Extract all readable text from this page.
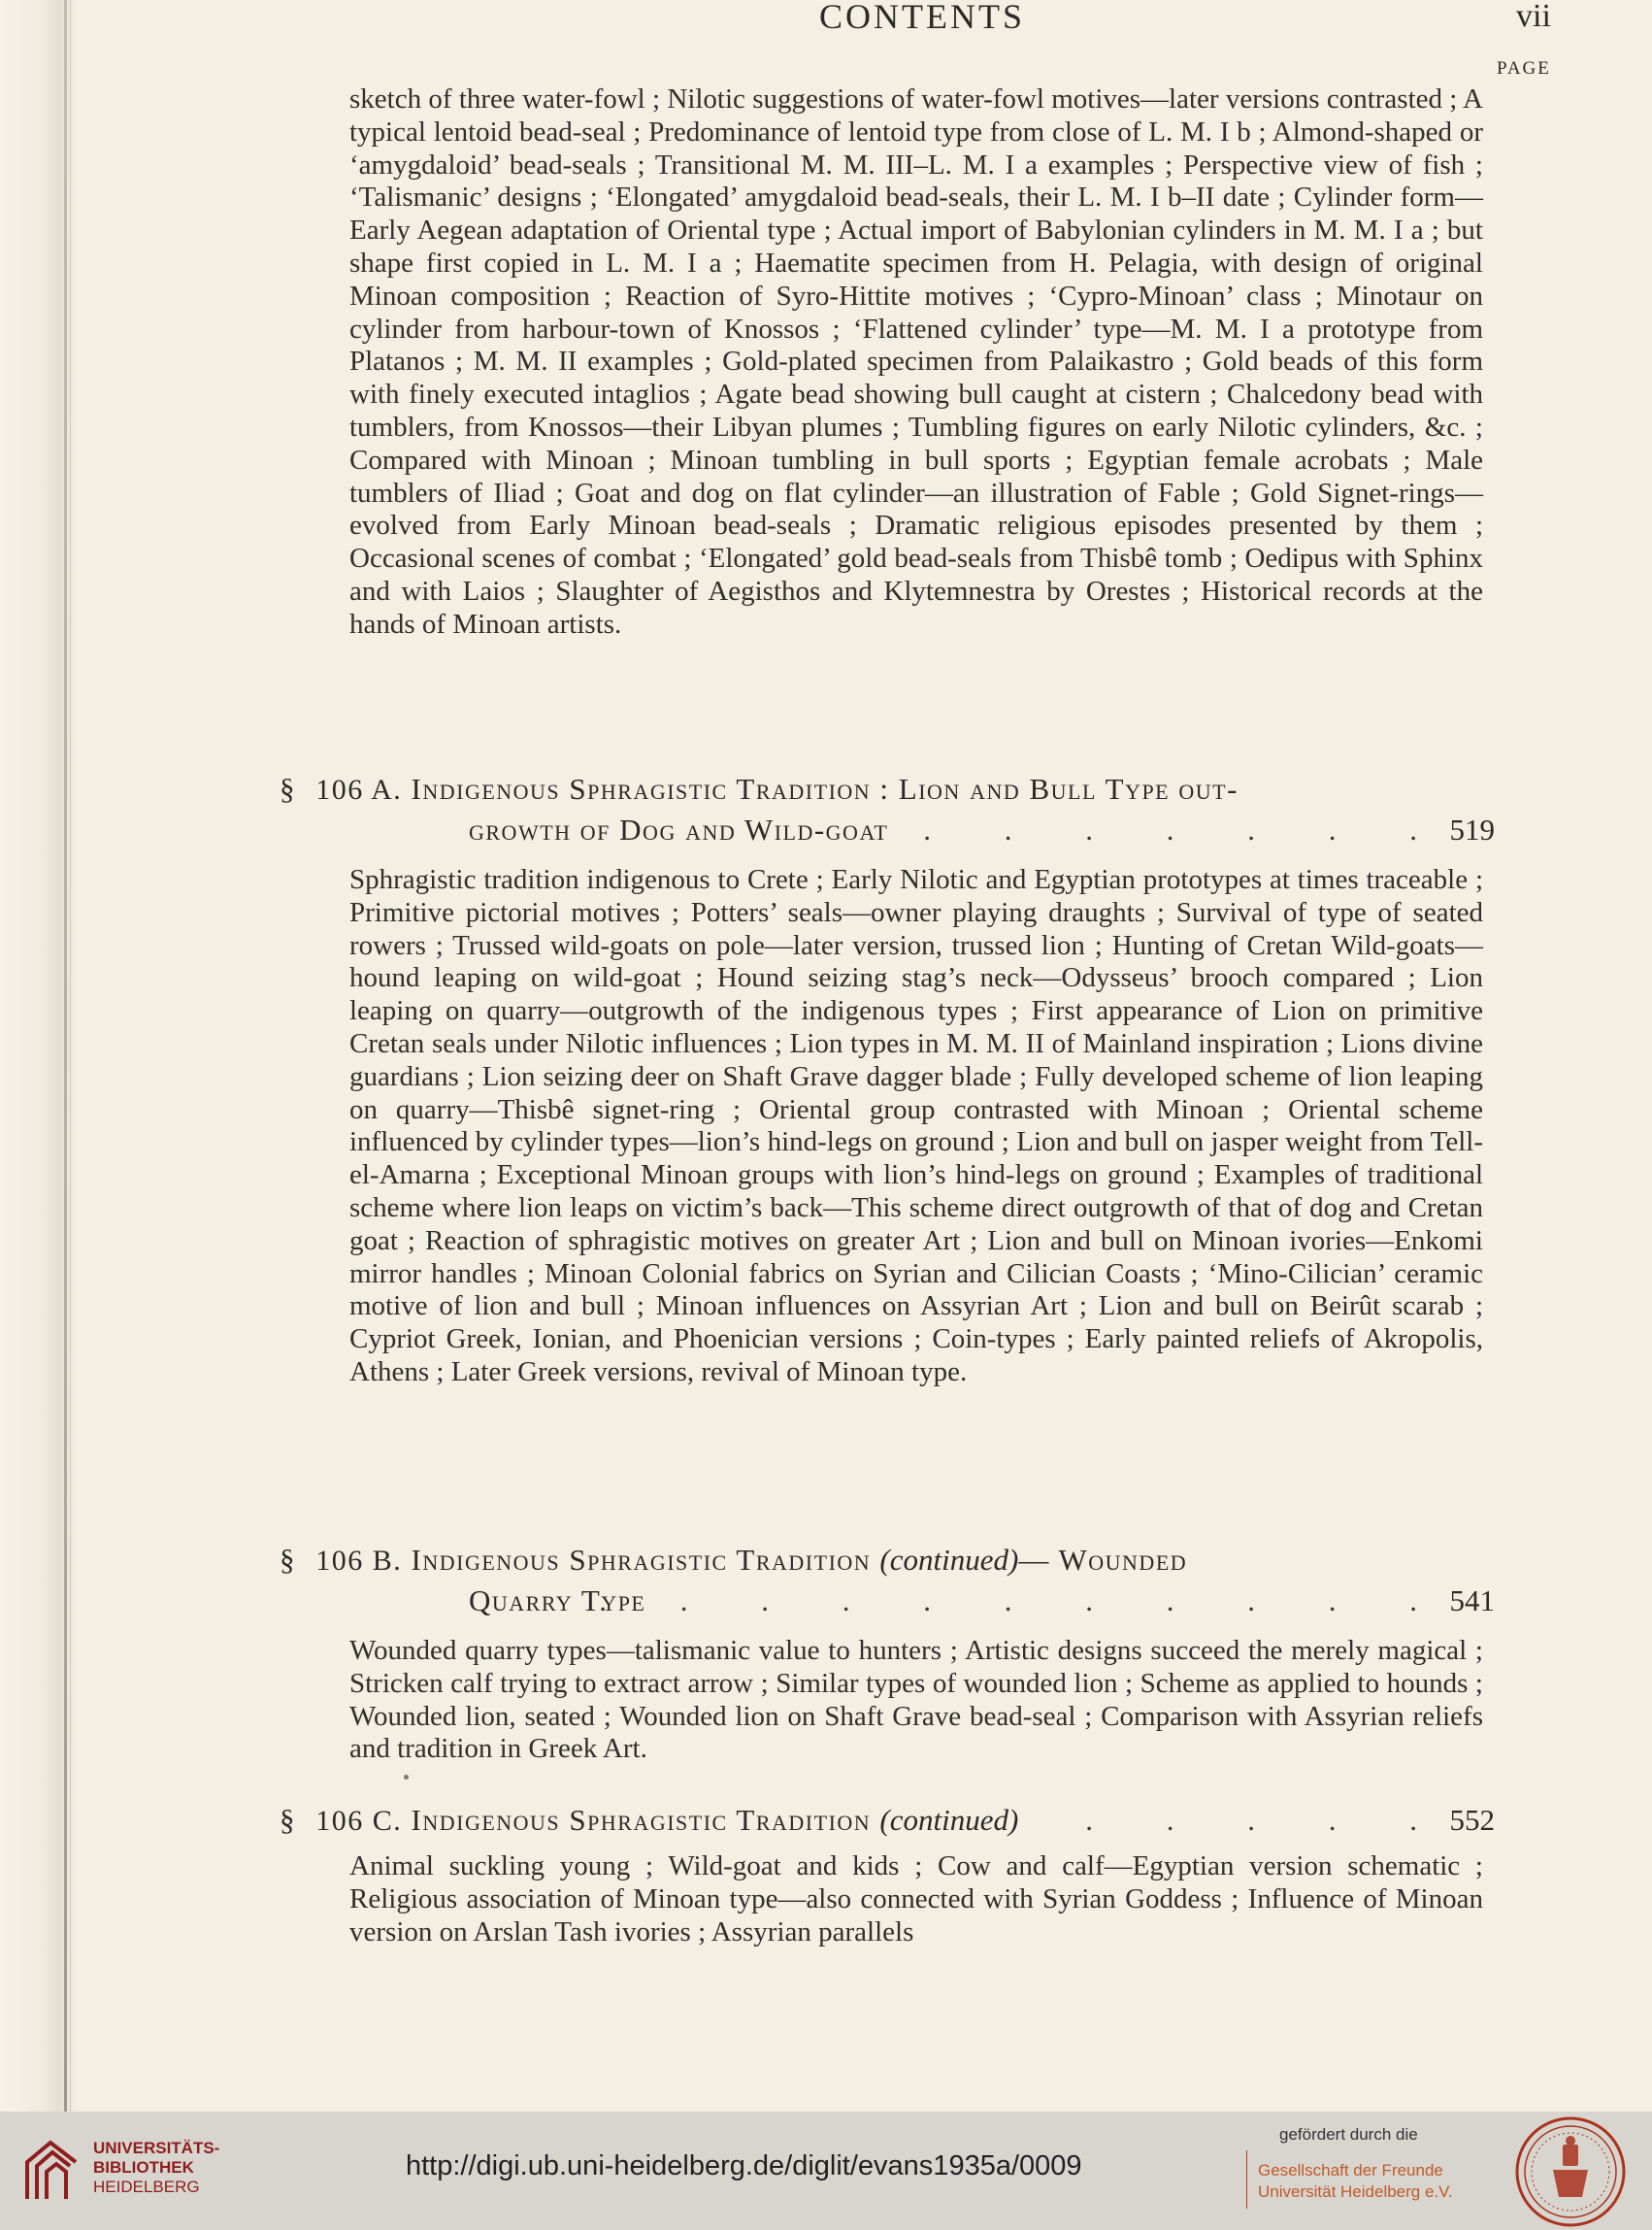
CONTENTS	vii
PAGE

sketch of three water-fowl ; Nilotic suggestions of water-fowl motives—later versions contrasted ; A typical lentoid bead-seal ; Predominance of lentoid type from close of L. M. I b ; Almond-shaped or ‘amygdaloid’ bead-seals ; Transitional M. M. III–L. M. I a examples ; Perspective view of fish ; ‘Talismanic’ designs ; ‘Elongated’ amygdaloid bead-seals, their L. M. I b–II date ; Cylinder form—Early Aegean adaptation of Oriental type ; Actual import of Babylonian cylinders in M. M. I a ; but shape first copied in L. M. I a ; Haematite specimen from H. Pelagia, with design of original Minoan composition ; Reaction of Syro-Hittite motives ; ‘Cypro-Minoan’ class ; Minotaur on cylinder from harbour-town of Knossos ; ‘Flattened cylinder’ type—M. M. I a prototype from Platanos ; M. M. II examples ; Gold-plated specimen from Palaikastro ; Gold beads of this form with finely executed intaglios ; Agate bead showing bull caught at cistern ; Chalcedony bead with tumblers, from Knossos—their Libyan plumes ; Tumbling figures on early Nilotic cylinders, &c. ; Compared with Minoan ; Minoan tumbling in bull sports ; Egyptian female acrobats ; Male tumblers of Iliad ; Goat and dog on flat cylinder—an illustration of Fable ; Gold Signet-rings—evolved from Early Minoan bead-seals ; Dramatic religious episodes presented by them ; Occasional scenes of combat ; ‘Elongated’ gold bead-seals from Thisbê tomb ; Oedipus with Sphinx and with Laios ; Slaughter of Aegisthos and Klytemnestra by Orestes ; Historical records at the hands of Minoan artists.

§ 106 A. Indigenous Sphragistic Tradition : Lion and Bull Type out-
growth of Dog and Wild-goat	. . . . . . . 519

Sphragistic tradition indigenous to Crete ; Early Nilotic and Egyptian prototypes at times traceable ; Primitive pictorial motives ; Potters’ seals—owner playing draughts ; Survival of type of seated rowers ; Trussed wild-goats on pole—later version, trussed lion ; Hunting of Cretan Wild-goats—hound leaping on wild-goat ; Hound seizing stag’s neck—Odysseus’ brooch compared ; Lion leaping on quarry—outgrowth of the indigenous types ; First appearance of Lion on primitive Cretan seals under Nilotic influences ; Lion types in M. M. II of Mainland inspiration ; Lions divine guardians ; Lion seizing deer on Shaft Grave dagger blade ; Fully developed scheme of lion leaping on quarry—Thisbê signet-ring ; Oriental group contrasted with Minoan ; Oriental scheme influenced by cylinder types—lion’s hind-legs on ground ; Lion and bull on jasper weight from Tell-el-Amarna ; Exceptional Minoan groups with lion’s hind-legs on ground ; Examples of traditional scheme where lion leaps on victim’s back—This scheme direct outgrowth of that of dog and Cretan goat ; Reaction of sphragistic motives on greater Art ; Lion and bull on Minoan ivories—Enkomi mirror handles ; Minoan Colonial fabrics on Syrian and Cilician Coasts ; ‘Mino-Cilician’ ceramic motive of lion and bull ; Minoan influences on Assyrian Art ; Lion and bull on Beirût scarab ; Cypriot Greek, Ionian, and Phoenician versions ; Coin-types ; Early painted reliefs of Akropolis, Athens ; Later Greek versions, revival of Minoan type.

§ 106 B. Indigenous Sphragistic Tradition (continued)— Wounded
Quarry Type
. . . . . . . . . . . 541

Wounded quarry types—talismanic value to hunters ; Artistic designs succeed the merely magical ; Stricken calf trying to extract arrow ; Similar types of wounded lion ; Scheme as applied to hounds ; Wounded lion, seated ; Wounded lion on Shaft Grave bead-seal ; Comparison with Assyrian reliefs and tradition in Greek Art.

§ 106 C. Indigenous Sphragistic Tradition (continued)	. . . . . 552

Animal suckling young ; Wild-goat and kids ; Cow and calf—Egyptian version schematic ; Religious association of Minoan type—also connected with Syrian Goddess ; Influence of Minoan version on Arslan Tash ivories ; Assyrian parallels

UNIVERSITÄTS-
BIBLIOTHEK
HEIDELBERG
http://digi.ub.uni-heidelberg.de/diglit/evans1935a/0009
gefördert durch die
Gesellschaft der Freunde
Universität Heidelberg e.V.
